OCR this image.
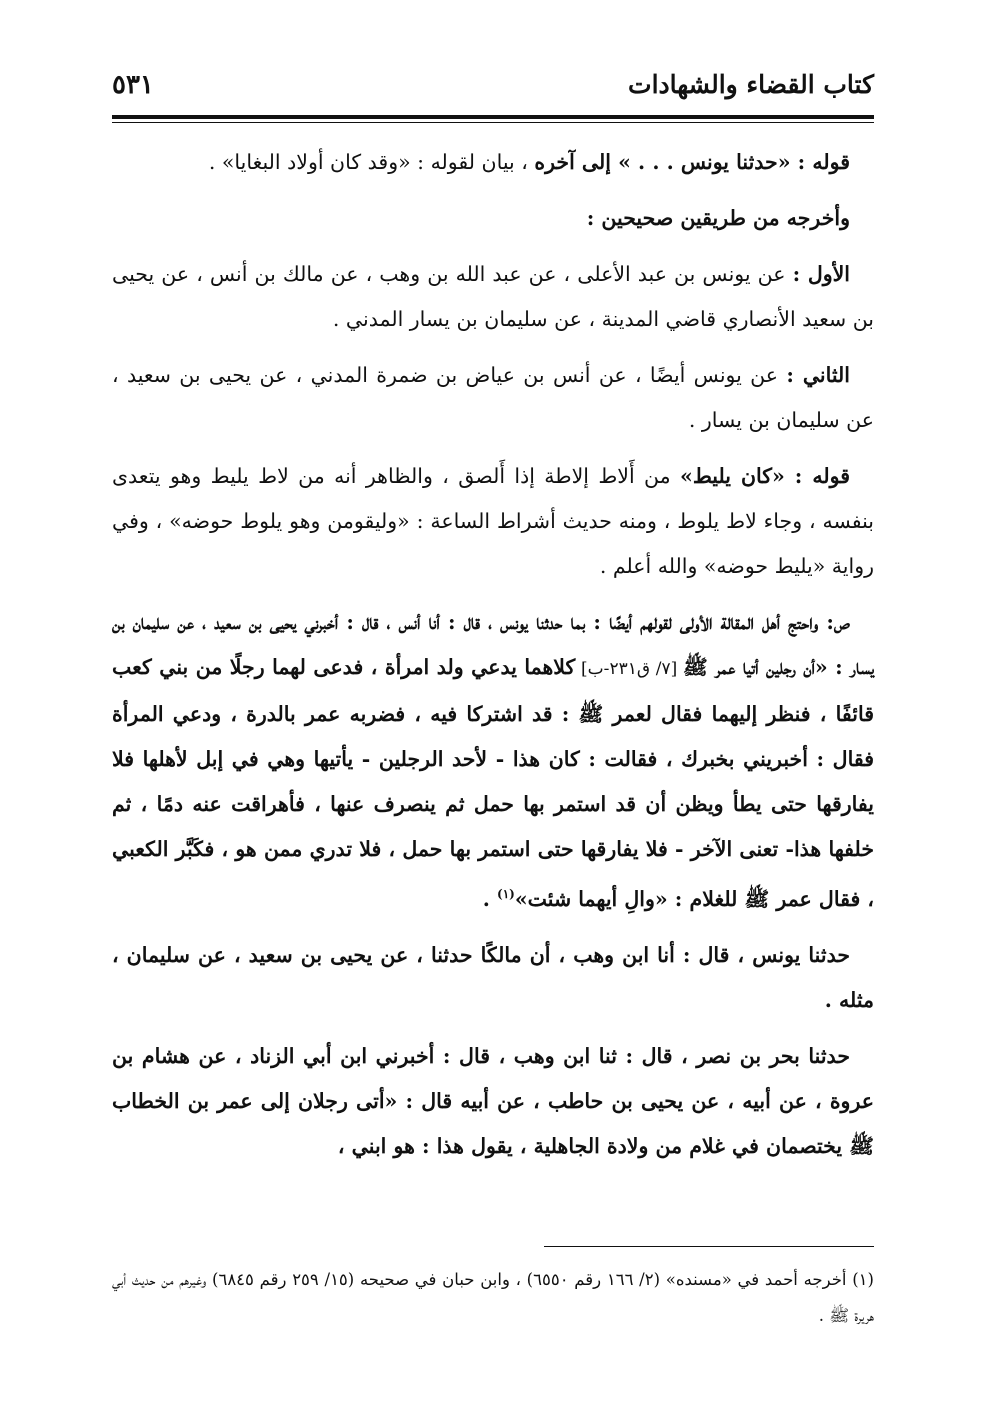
كتاب القضاء والشهادات
٥٣١

قوله : «حدثنا يونس . . . » إلى آخره ، بيان لقوله : «وقد كان أولاد البغايا» .

وأخرجه من طريقين صحيحين :

الأول : عن يونس بن عبد الأعلى ، عن عبد الله بن وهب ، عن مالك بن أنس ، عن يحيى بن سعيد الأنصاري قاضي المدينة ، عن سليمان بن يسار المدني .

الثاني : عن يونس أيضًا ، عن أنس بن عياض بن ضمرة المدني ، عن يحيى بن سعيد ، عن سليمان بن يسار .

قوله : «كان يليط» من أَلاط إلاطة إذا أَلصق ، والظاهر أنه من لاط يليط وهو يتعدى بنفسه ، وجاء لاط يلوط ، ومنه حديث أشراط الساعة : «وليقومن وهو يلوط حوضه» ، وفي رواية «يليط حوضه» والله أعلم .

ص: واحتج أهل المقالة الأولى لقولهم أيضًا : بما حدثنا يونس ، قال : أنا أنس ، قال : أخبرني يحيى بن سعيد ، عن سليمان بن يسار : «أن رجلين أتيا عمر ﷺ [٧/ ق٢٣١-ب] كلاهما يدعي ولد امرأة ، فدعى لهما رجلًا من بني كعب قائفًا ، فنظر إليهما فقال لعمر ﷺ : قد اشتركا فيه ، فضربه عمر بالدرة ، ودعي المرأة فقال : أخبريني بخبرك ، فقالت : كان هذا - لأحد الرجلين - يأتيها وهي في إبل لأهلها فلا يفارقها حتى يطأ ويظن أن قد استمر بها حمل ثم ينصرف عنها ، فأهراقت عنه دمًا ، ثم خلفها هذا- تعنى الآخر - فلا يفارقها حتى استمر بها حمل ، فلا تدري ممن هو ، فكَبَّر الكعبي ، فقال عمر ﷺ للغلام : «والِ أيهما شئت»$^{(١)}$ .

حدثنا يونس ، قال : أنا ابن وهب ، أن مالكًا حدثنا ، عن يحيى بن سعيد ، عن سليمان ، مثله .

حدثنا بحر بن نصر ، قال : ثنا ابن وهب ، قال : أخبرني ابن أبي الزناد ، عن هشام بن عروة ، عن أبيه ، عن يحيى بن حاطب ، عن أبيه قال : «أتى رجلان إلى عمر بن الخطاب ﷺ يختصمان في غلام من ولادة الجاهلية ، يقول هذا : هو ابني ،

(١) أخرجه أحمد في «مسنده» (٢/ ١٦٦ رقم ٦٥٥٠) ، وابن حبان في صحيحه (١٥/ ٢٥٩ رقم ٦٨٤٥) وغيرهم من حديث أبي هريرة ﷺ .
